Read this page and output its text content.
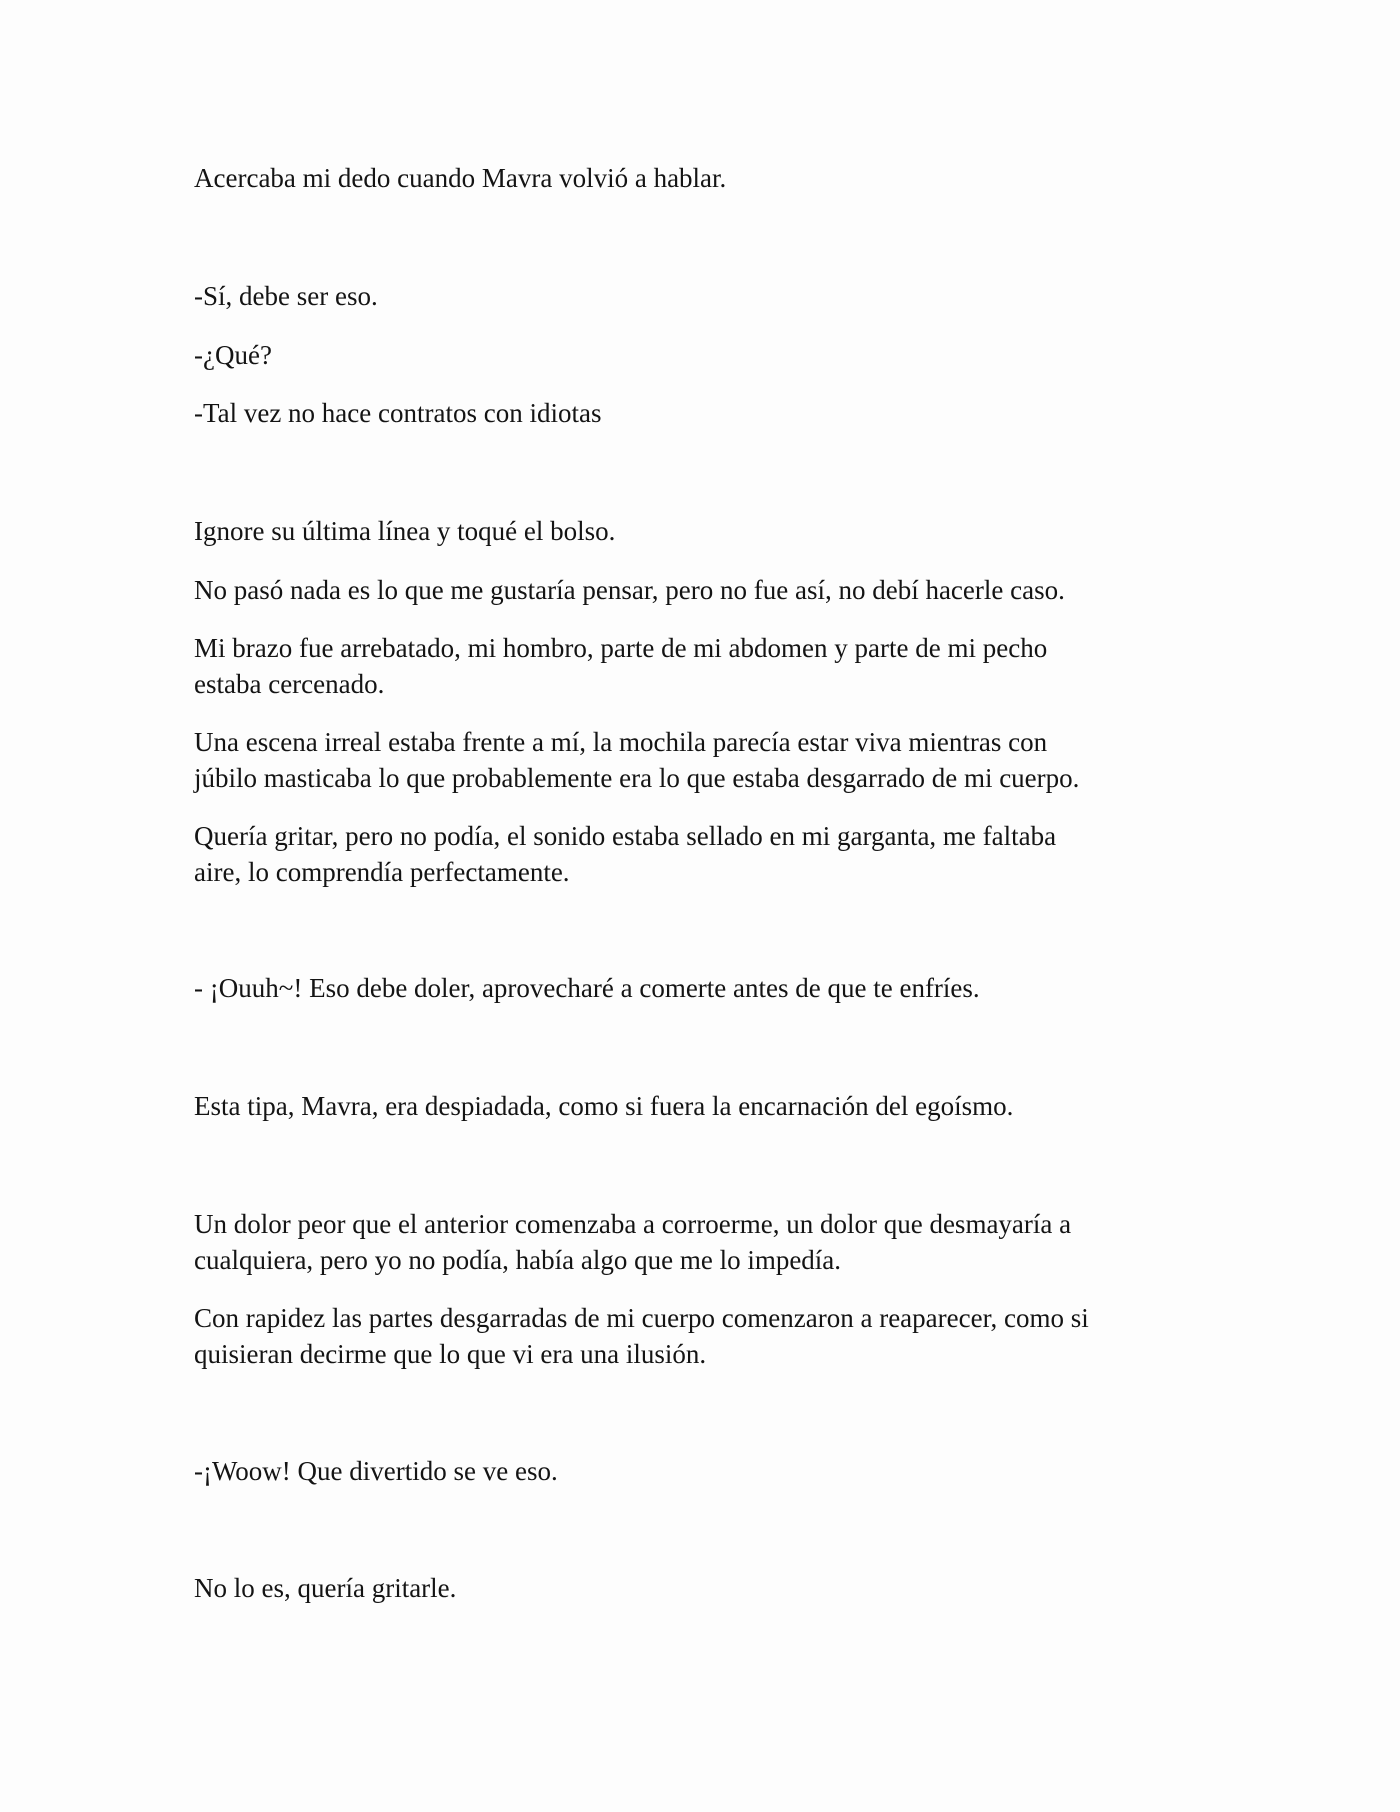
Acercaba mi dedo cuando Mavra volvió a hablar.

-Sí, debe ser eso.

-¿Qué?

-Tal vez no hace contratos con idiotas

Ignore su última línea y toqué el bolso.

No pasó nada es lo que me gustaría pensar, pero no fue así, no debí hacerle caso.

Mi brazo fue arrebatado, mi hombro, parte de mi abdomen y parte de mi pecho
estaba cercenado.

Una escena irreal estaba frente a mí, la mochila parecía estar viva mientras con
júbilo masticaba lo que probablemente era lo que estaba desgarrado de mi cuerpo.

Quería gritar, pero no podía, el sonido estaba sellado en mi garganta, me faltaba
aire, lo comprendía perfectamente.

- ¡Ouuh~! Eso debe doler, aprovecharé a comerte antes de que te enfríes.

Esta tipa, Mavra, era despiadada, como si fuera la encarnación del egoísmo.

Un dolor peor que el anterior comenzaba a corroerme, un dolor que desmayaría a
cualquiera, pero yo no podía, había algo que me lo impedía.

Con rapidez las partes desgarradas de mi cuerpo comenzaron a reaparecer, como si
quisieran decirme que lo que vi era una ilusión.

-¡Woow! Que divertido se ve eso.

No lo es, quería gritarle.
